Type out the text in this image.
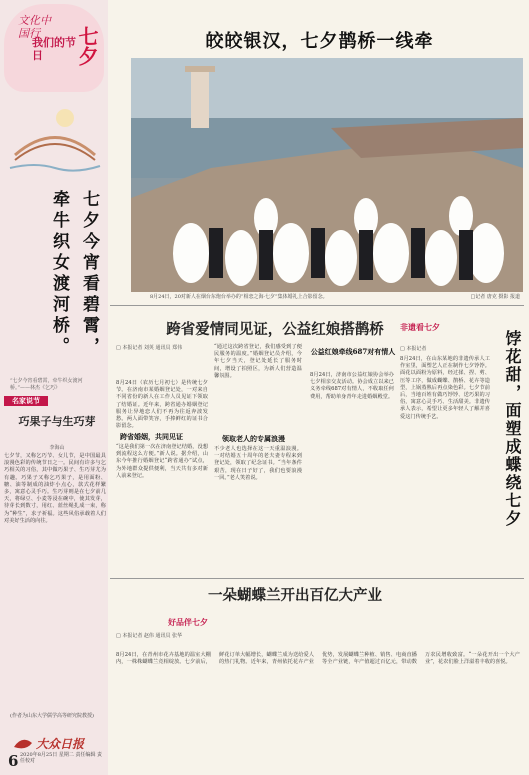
文化中国行
我们的节日	七夕
七夕今宵看碧霄，牵牛织女渡河桥。
“七夕今宵看碧霄，牵牛织女渡河桥。”——林杰《乞巧》
名家说节
巧果子与生巧芽
李海山
七夕节，又称乞巧节、女儿节，是中国最具浪漫色彩的传统节日之一。民间有许多与乞巧相关的习俗，其中做巧果子、生巧芽尤为有趣。巧果子又称乞巧果子，是用面粉、糖、油等制成的油炸小点心，款式花样繁多，寓意心灵手巧。生巧芽则是在七夕前几天，将绿豆、小麦等浸在碗中，使其发芽，待芽长到数寸，用红、蓝丝绳扎成一束，称为“种生”，求子祈福。这些风俗承载着人们对美好生活的向往。
(作者为山东大学儒学高等研究院教授)
大众日报
6 2020年8月25日 星期二 责任编辑 责任校对
皎皎银汉，七夕鹊桥一线牵
8月24日，20对新人在烟台东炮台举办的“相恋之海·七夕”集体婚礼上合影留念。	□记者 唐克 摄影 报道
跨省爱情同见证，公益红娘搭鹊桥
□ 本报记者 刘英 通讯员 郑伟
8月24日（农历七月初七）是传统七夕节。在济南市某婚姻登记处，一对来自不同省份的新人在工作人员见证下领取了结婚证。近年来，跨省通办婚姻登记服务让异地恋人们不再为往返奔波发愁。两人面带笑容，手捧鲜红的证书合影留念。
跨省婚姻，共同见证
“这是我们第一次在济南登记结婚，没想到流程这么方便。”新人说。据介绍，山东今年推行婚姻登记“跨省通办”试点，为外地群众提供便利，当天共有多对新人前来登记。
“通过这次跨省登记，我们感受到了便民服务的温度。”婚姻登记员介绍，今年七夕当天，登记处延长了服务时间，增设了拍照区，为新人们营造温馨氛围。
领取老人的专属浪漫
不少老人也选择在这一天重温浪漫。一对结婚五十周年的老夫妻专程来到登记处，领取了纪念证书。“当年条件艰苦，现在日子好了，我们也要浪漫一回。”老人笑着说。
公益红娘牵线687对有情人
8月24日，济南市公益红娘协会举办七夕相亲交友活动。协会成立以来已义务牵线687对有情人，不收取任何费用，帮助单身青年走进婚姻殿堂。
非遗看七夕
□ 本报记者
8月24日，在山东某地的非遗传承人工作室里，面塑艺人正在制作七夕饽饽。面花以面粉为原料，经过揉、捏、剪、压等工序，做成蝴蝶、鹊桥、花卉等造型，上锅蒸熟后再点染色彩。七夕节前后，当地百姓有做巧饽饽、送巧果的习俗，寓意心灵手巧、生活甜美。非遗传承人表示，希望让更多年轻人了解并喜爱这门传统手艺。	饽花甜，面塑成蝶绕七夕
一朵蝴蝶兰开出百亿大产业
好品伴七夕
□ 本报记者 赵伟 通讯员 张华
8月24日，在青州市花卉基地的温室大棚内，一株株蝴蝶兰竞相绽放。七夕前后，鲜花订单大幅增长，蝴蝶兰成为送给爱人的热门礼物。近年来，青州依托花卉产业优势，发展蝴蝶兰种植、销售、电商直播等全产业链，年产值超过百亿元，带动数万农民增收致富。“一朵花开出一个大产业”，花农们脸上洋溢着丰收的喜悦。
